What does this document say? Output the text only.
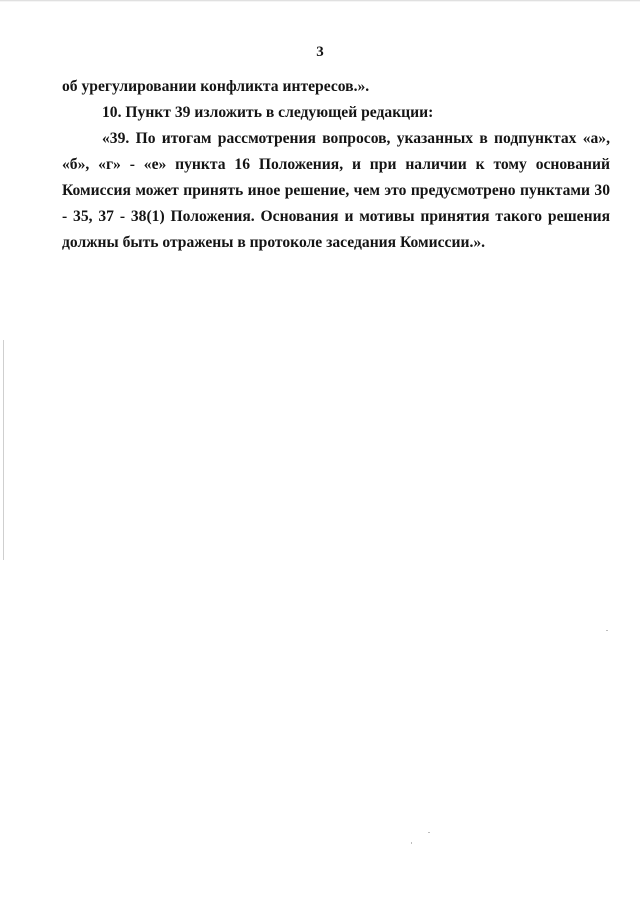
3

об урегулировании конфликта интересов.».

10. Пункт 39 изложить в следующей редакции:

«39. По итогам рассмотрения вопросов, указанных в подпунктах «а», «б», «г» - «е» пункта 16 Положения, и при наличии к тому оснований Комиссия может принять иное решение, чем это предусмотрено пунктами 30 - 35, 37 - 38(1) Положения. Основания и мотивы принятия такого решения должны быть отражены в протоколе заседания Комиссии.».
